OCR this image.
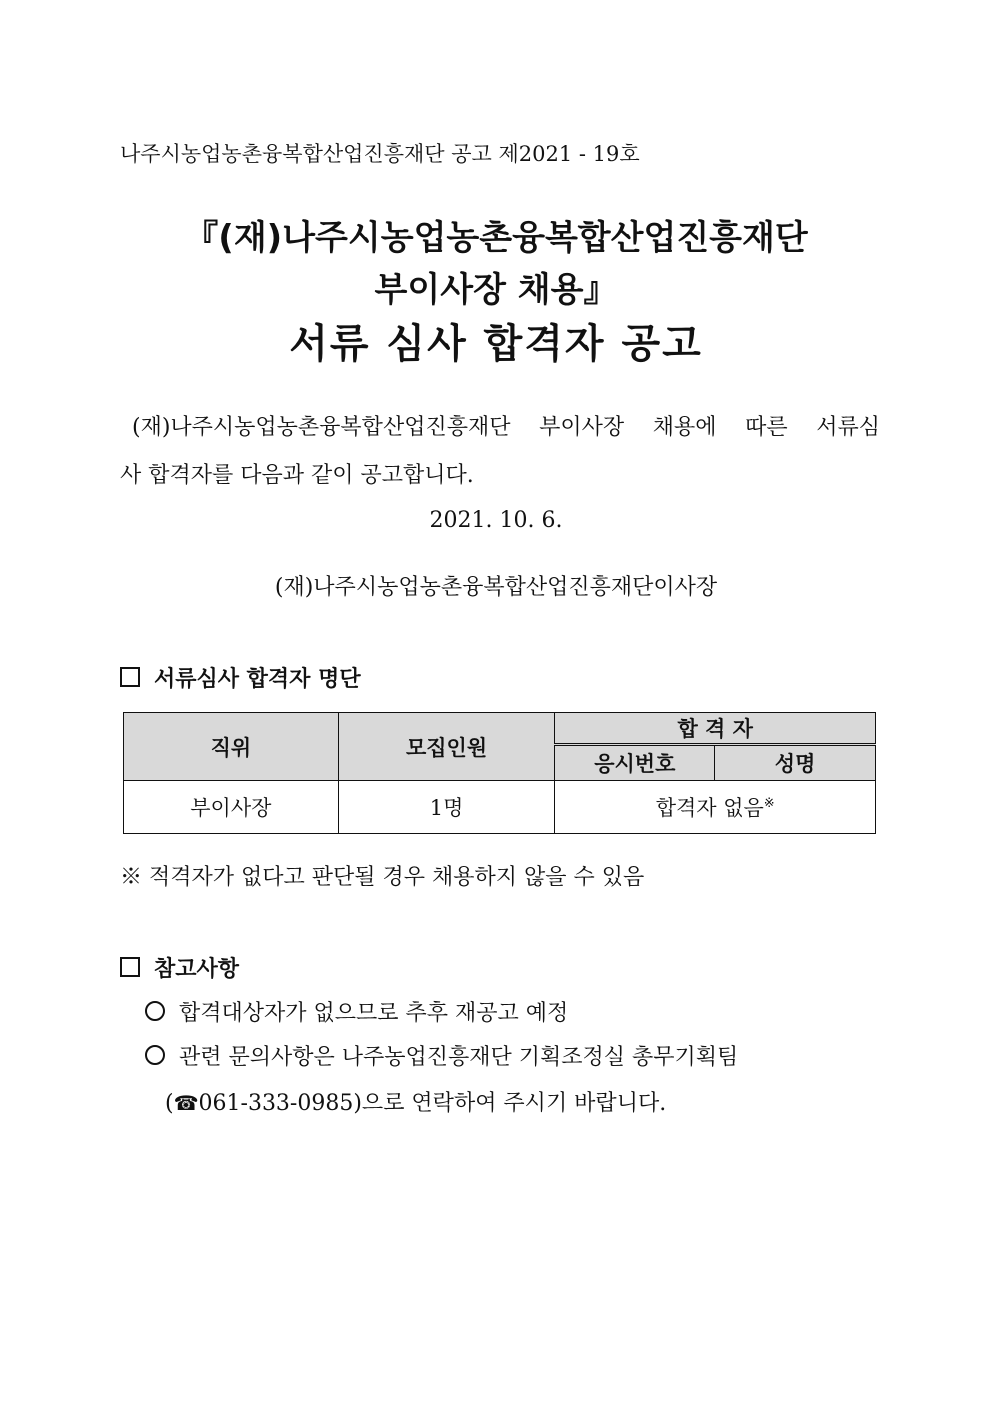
나주시농업농촌융복합산업진흥재단 공고 제2021 - 19호
『(재)나주시농업농촌융복합산업진흥재단
부이사장 채용』
서류 심사 합격자 공고
(재)나주시농업농촌융복합산업진흥재단 부이사장 채용에 따른 서류심
사 합격자를 다음과 같이 공고합니다.
2021. 10. 6.
(재)나주시농업농촌융복합산업진흥재단이사장
서류심사 합격자 명단
직위	모집인원	합 격 자	
		응시번호	성명
부이사장	1명	합격자 없음※
※ 적격자가 없다고 판단될 경우 채용하지 않을 수 있음
참고사항
합격대상자가 없으므로 추후 재공고 예정
관련 문의사항은 나주농업진흥재단 기획조정실 총무기획팀
(☎061-333-0985)으로 연락하여 주시기 바랍니다.
